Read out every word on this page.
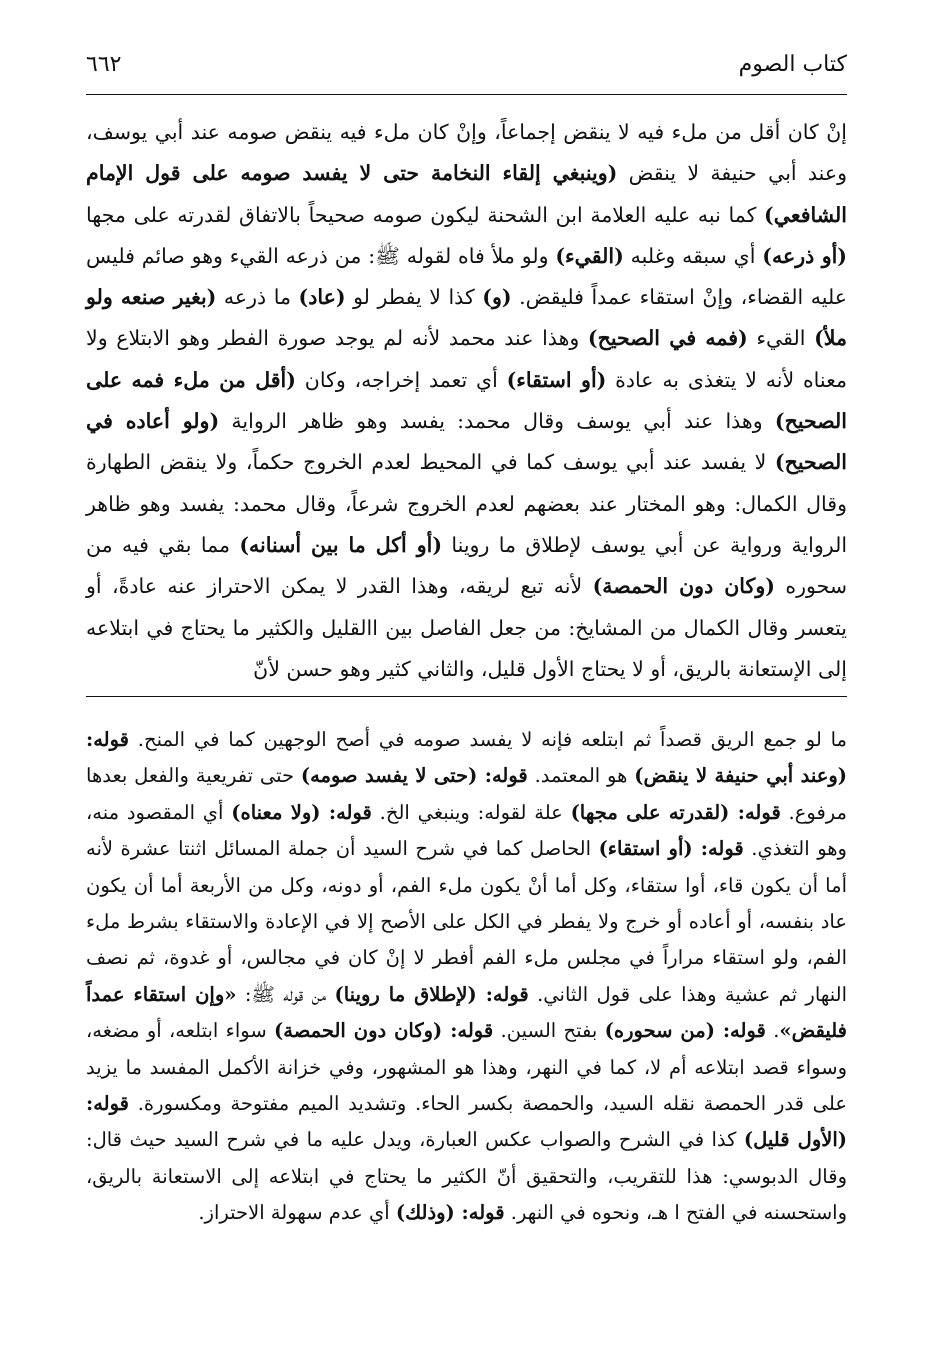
كتاب الصوم
٦٦٢

إنْ كان أقل من ملء فيه لا ينقض إجماعاً، وإنْ كان ملء فيه ينقض صومه عند أبي يوسف، وعند أبي حنيفة لا ينقض (وينبغي إلقاء النخامة حتى لا يفسد صومه على قول الإمام الشافعي) كما نبه عليه العلامة ابن الشحنة ليكون صومه صحيحاً بالاتفاق لقدرته على مجها (أو ذرعه) أي سبقه وغلبه (القيء) ولو ملأ فاه لقوله ﷺ: من ذرعه القيء وهو صائم فليس عليه القضاء، وإنْ استقاء عمداً فليقض. (و) كذا لا يفطر لو (عاد) ما ذرعه (بغير صنعه ولو ملأ) القيء (فمه في الصحيح) وهذا عند محمد لأنه لم يوجد صورة الفطر وهو الابتلاع ولا معناه لأنه لا يتغذى به عادة (أو استقاء) أي تعمد إخراجه، وكان (أقل من ملء فمه على الصحيح) وهذا عند أبي يوسف وقال محمد: يفسد وهو ظاهر الرواية (ولو أعاده في الصحيح) لا يفسد عند أبي يوسف كما في المحيط لعدم الخروج حكماً، ولا ينقض الطهارة وقال الكمال: وهو المختار عند بعضهم لعدم الخروج شرعاً، وقال محمد: يفسد وهو ظاهر الرواية ورواية عن أبي يوسف لإطلاق ما روينا (أو أكل ما بين أسنانه) مما بقي فيه من سحوره (وكان دون الحمصة) لأنه تبع لريقه، وهذا القدر لا يمكن الاحتراز عنه عادةً، أو يتعسر وقال الكمال من المشايخ: من جعل الفاصل بين االقليل والكثير ما يحتاج في ابتلاعه إلى الإستعانة بالريق، أو لا يحتاج الأول قليل، والثاني كثير وهو حسن لأنّ

ما لو جمع الريق قصداً ثم ابتلعه فإنه لا يفسد صومه في أصح الوجهين كما في المنح. قوله: (وعند أبي حنيفة لا ينقض) هو المعتمد. قوله: (حتى لا يفسد صومه) حتى تفريعية والفعل بعدها مرفوع. قوله: (لقدرته على مجها) علة لقوله: وينبغي الخ. قوله: (ولا معناه) أي المقصود منه، وهو التغذي. قوله: (أو استقاء) الحاصل كما في شرح السيد أن جملة المسائل اثنتا عشرة لأنه أما أن يكون قاء، أوا ستقاء، وكل أما أنْ يكون ملء الفم، أو دونه، وكل من الأربعة أما أن يكون عاد بنفسه، أو أعاده أو خرج ولا يفطر في الكل على الأصح إلا في الإعادة والاستقاء بشرط ملء الفم، ولو استقاء مراراً في مجلس ملء الفم أفطر لا إنْ كان في مجالس، أو غدوة، ثم نصف النهار ثم عشية وهذا على قول الثاني. قوله: (لإطلاق ما روينا) من قوله ﷺ: «وإن استقاء عمداً فليقض». قوله: (من سحوره) بفتح السين. قوله: (وكان دون الحمصة) سواء ابتلعه، أو مضغه، وسواء قصد ابتلاعه أم لا، كما في النهر، وهذا هو المشهور، وفي خزانة الأكمل المفسد ما يزيد على قدر الحمصة نقله السيد، والحمصة بكسر الحاء. وتشديد الميم مفتوحة ومكسورة. قوله: (الأول قليل) كذا في الشرح والصواب عكس العبارة، ويدل عليه ما في شرح السيد حيث قال: وقال الدبوسي: هذا للتقريب، والتحقيق أنّ الكثير ما يحتاج في ابتلاعه إلى الاستعانة بالريق، واستحسنه في الفتح ا هـ، ونحوه في النهر. قوله: (وذلك) أي عدم سهولة الاحتراز.
